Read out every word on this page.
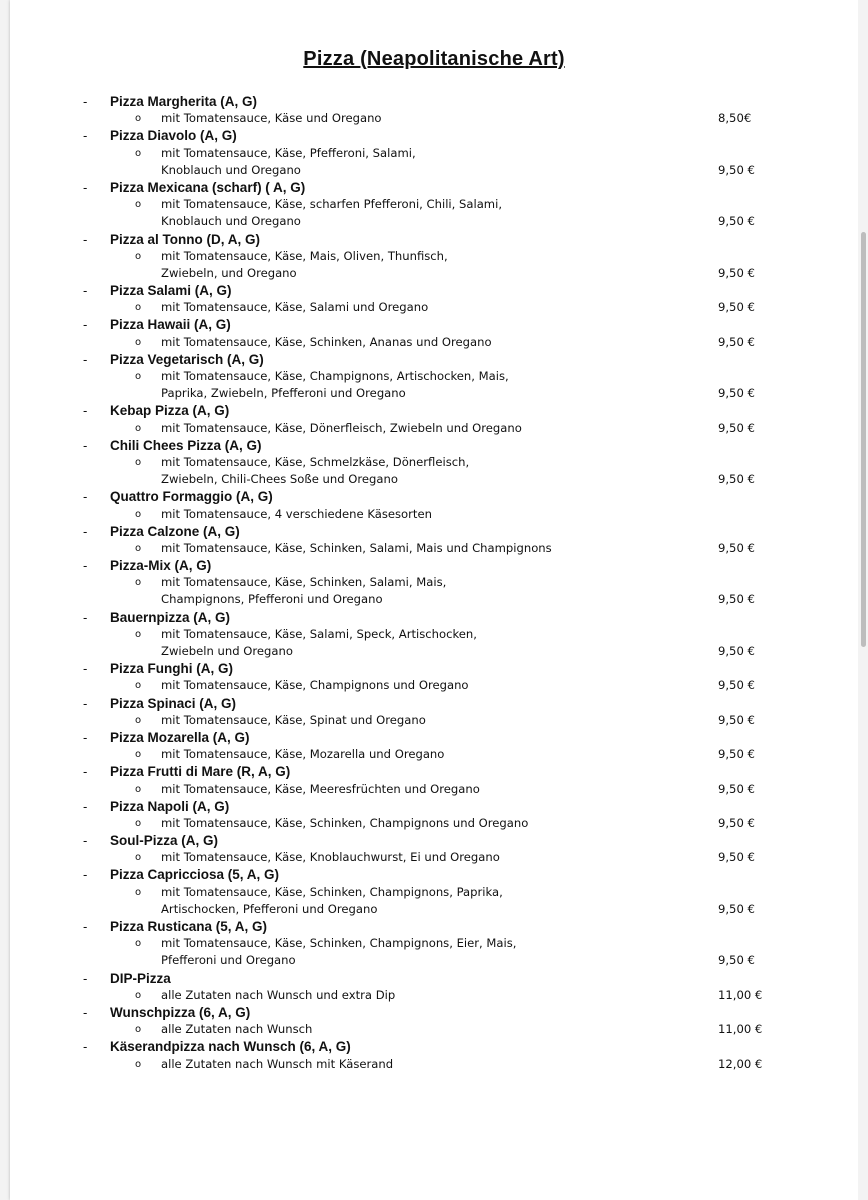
Pizza (Neapolitanische Art)
- Pizza Margherita (A, G)
o mit Tomatensauce, Käse und Oregano	8,50€
- Pizza Diavolo (A, G)
o mit Tomatensauce, Käse, Pfefferoni, Salami,
Knoblauch und Oregano	9,50 €
- Pizza Mexicana (scharf) ( A, G)
o mit Tomatensauce, Käse, scharfen Pfefferoni, Chili, Salami,
Knoblauch und Oregano	9,50 €
- Pizza al Tonno (D, A, G)
o mit Tomatensauce, Käse, Mais, Oliven, Thunfisch,
Zwiebeln, und Oregano	9,50 €
- Pizza Salami (A, G)
o mit Tomatensauce, Käse, Salami und Oregano	9,50 €
- Pizza Hawaii (A, G)
o mit Tomatensauce, Käse, Schinken, Ananas und Oregano	9,50 €
- Pizza Vegetarisch (A, G)
o mit Tomatensauce, Käse, Champignons, Artischocken, Mais,
Paprika, Zwiebeln, Pfefferoni und Oregano	9,50 €
- Kebap Pizza (A, G)
o mit Tomatensauce, Käse, Dönerfleisch, Zwiebeln und Oregano	9,50 €
- Chili Chees Pizza (A, G)
o mit Tomatensauce, Käse, Schmelzkäse, Dönerfleisch,
Zwiebeln, Chili-Chees Soße und Oregano	9,50 €
- Quattro Formaggio (A, G)
o mit Tomatensauce, 4 verschiedene Käsesorten
- Pizza Calzone (A, G)
o mit Tomatensauce, Käse, Schinken, Salami, Mais und Champignons	9,50 €
- Pizza-Mix (A, G)
o mit Tomatensauce, Käse, Schinken, Salami, Mais,
Champignons, Pfefferoni und Oregano	9,50 €
- Bauernpizza (A, G)
o mit Tomatensauce, Käse, Salami, Speck, Artischocken,
Zwiebeln und Oregano	9,50 €
- Pizza Funghi (A, G)
o mit Tomatensauce, Käse, Champignons und Oregano	9,50 €
- Pizza Spinaci (A, G)
o mit Tomatensauce, Käse, Spinat und Oregano	9,50 €
- Pizza Mozarella (A, G)
o mit Tomatensauce, Käse, Mozarella und Oregano	9,50 €
- Pizza Frutti di Mare (R, A, G)
o mit Tomatensauce, Käse, Meeresfrüchten und Oregano	9,50 €
- Pizza Napoli (A, G)
o mit Tomatensauce, Käse, Schinken, Champignons und Oregano	9,50 €
- Soul-Pizza (A, G)
o mit Tomatensauce, Käse, Knoblauchwurst, Ei und Oregano	9,50 €
- Pizza Capricciosa (5, A, G)
o mit Tomatensauce, Käse, Schinken, Champignons, Paprika,
Artischocken, Pfefferoni und Oregano	9,50 €
- Pizza Rusticana (5, A, G)
o mit Tomatensauce, Käse, Schinken, Champignons, Eier, Mais,
Pfefferoni und Oregano	9,50 €
- DIP-Pizza
o alle Zutaten nach Wunsch und extra Dip	11,00 €
- Wunschpizza (6, A, G)
o alle Zutaten nach Wunsch	11,00 €
- Käserandpizza nach Wunsch (6, A, G)
o alle Zutaten nach Wunsch mit Käserand	12,00 €
